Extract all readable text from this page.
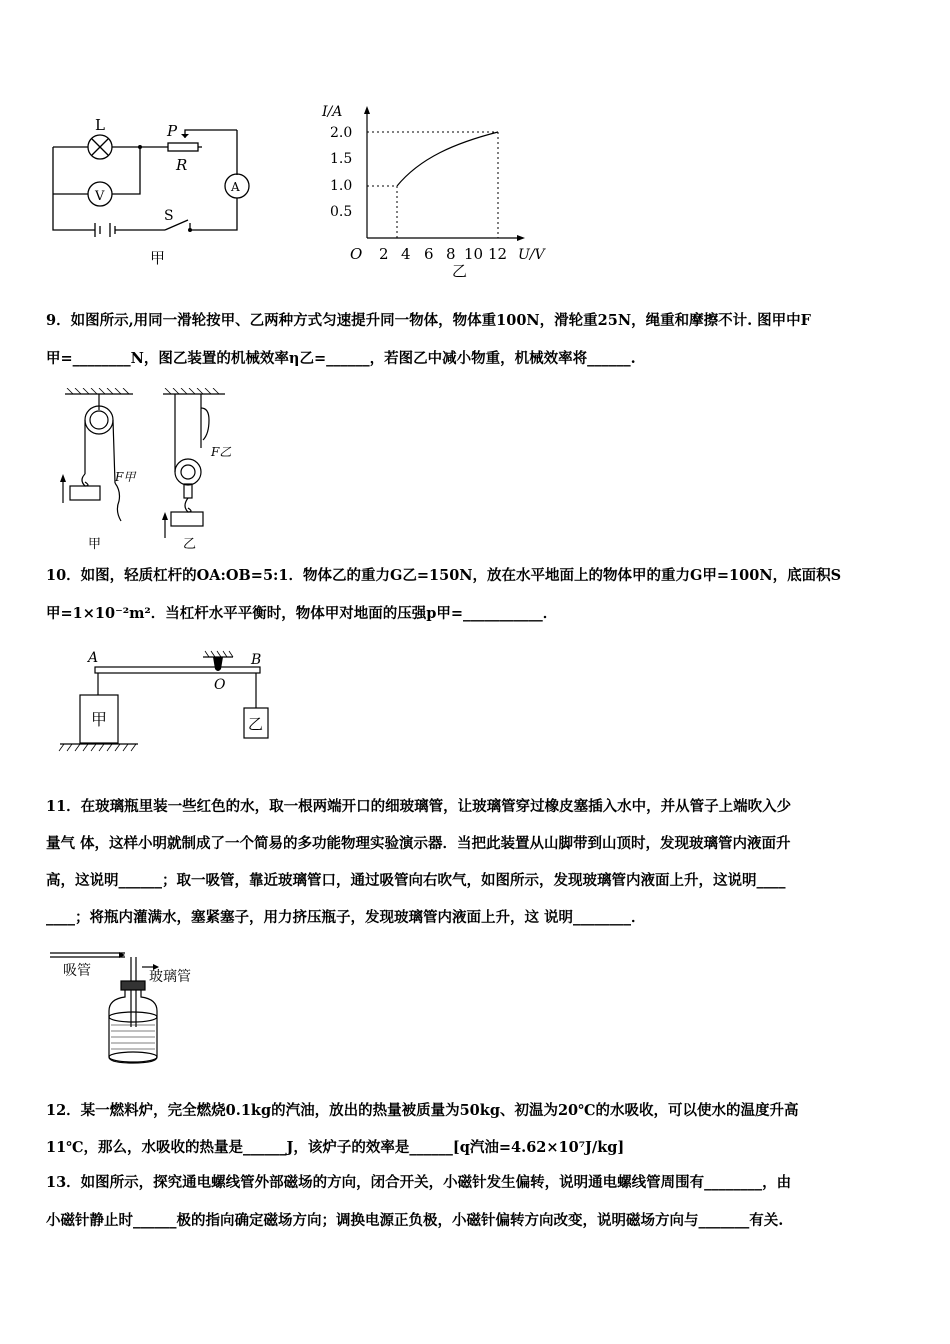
L
V
A
P
R
S
甲
I/A
2.0
1.5
1.0
0.5
O 2 4 6 8 10 12 U/V
乙
9．如图所示,用同一滑轮按甲、乙两种方式匀速提升同一物体，物体重100N，滑轮重25N，绳重和摩擦不计. 图甲中F
甲=________N，图乙装置的机械效率η乙=______，若图乙中减小物重，机械效率将______.
F甲
F乙
甲	乙
10．如图，轻质杠杆的OA:OB=5:1．物体乙的重力G乙=150N，放在水平地面上的物体甲的重力G甲=100N，底面积S
甲=1×10⁻²m²．当杠杆水平平衡时，物体甲对地面的压强p甲=___________．
A	B
O
甲	乙
11．在玻璃瓶里装一些红色的水，取一根两端开口的细玻璃管，让玻璃管穿过橡皮塞插入水中，并从管子上端吹入少
量气 体，这样小明就制成了一个简易的多功能物理实验演示器．当把此装置从山脚带到山顶时，发现玻璃管内液面升
高，这说明______；取一吸管，靠近玻璃管口，通过吸管向右吹气，如图所示，发现玻璃管内液面上升，这说明____
____；将瓶内灌满水，塞紧塞子，用力挤压瓶子，发现玻璃管内液面上升，这 说明________．
吸管	玻璃管
12．某一燃料炉，完全燃烧0.1kg的汽油，放出的热量被质量为50kg、初温为20℃的水吸收，可以使水的温度升高
11℃，那么，水吸收的热量是______J，该炉子的效率是______[q汽油=4.62×10⁷J/kg]
13．如图所示，探究通电螺线管外部磁场的方向，闭合开关，小磁针发生偏转，说明通电螺线管周围有________，由
小磁针静止时______极的指向确定磁场方向；调换电源正负极，小磁针偏转方向改变，说明磁场方向与_______有关.
